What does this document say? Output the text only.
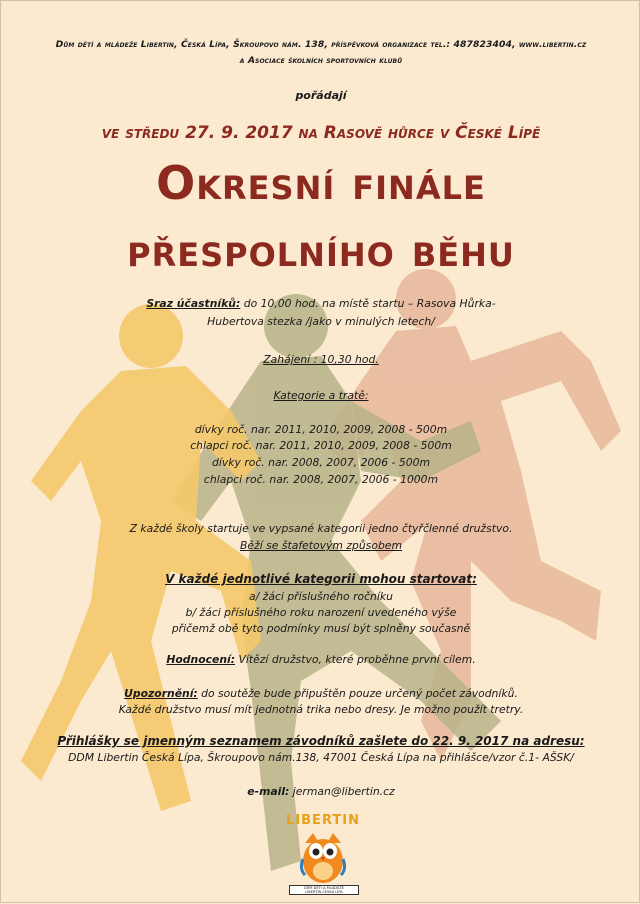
Dům dětí a mládeže Libertin, Česká Lípa, Škroupovo nám. 138, příspěvková organizace tel.: 487823404, www.libertin.cz
a Asociace školních sportovních klubů
pořádají
ve středu 27. 9. 2017 na Rasově hůrce v České Lípě
Okresní finále
přespolního běhu
Sraz účastníků: do 10,00 hod. na místě startu – Rasova Hůrka-
Hubertova stezka /jako v minulých letech/
Zahájení : 10,30 hod.
Kategorie a tratě:
dívky roč. nar. 2011, 2010, 2009, 2008 - 500m
chlapci roč. nar. 2011, 2010, 2009, 2008 - 500m
dívky roč. nar. 2008, 2007, 2006 - 500m
chlapci roč. nar. 2008, 2007, 2006 - 1000m
Z každé školy startuje ve vypsané kategorii jedno čtyřčlenné družstvo.
Běží se štafetovým způsobem
V každé jednotlivé kategorii mohou startovat:
a/ žáci příslušného ročníku
b/ žáci příslušného roku narození uvedeného výše
přičemž obě tyto podmínky musí být splněny současně
Hodnocení: Vítězí družstvo, které proběhne první cílem.
Upozornění: do soutěže bude připuštěn pouze určený počet závodníků.
Každé družstvo musí mít jednotná trika nebo dresy. Je možno použít tretry.
Přihlášky se jmenným seznamem závodníků zašlete do 22. 9. 2017 na adresu:
DDM Libertin Česká Lípa, Škroupovo nám.138, 47001 Česká Lípa na přihlášce/vzor č.1- AŠSK/
e-mail: jerman@libertin.cz
LIBERTIN
DŮM DĚTÍ A MLÁDEŽE
LIBERTIN ČESKÁ LÍPA
